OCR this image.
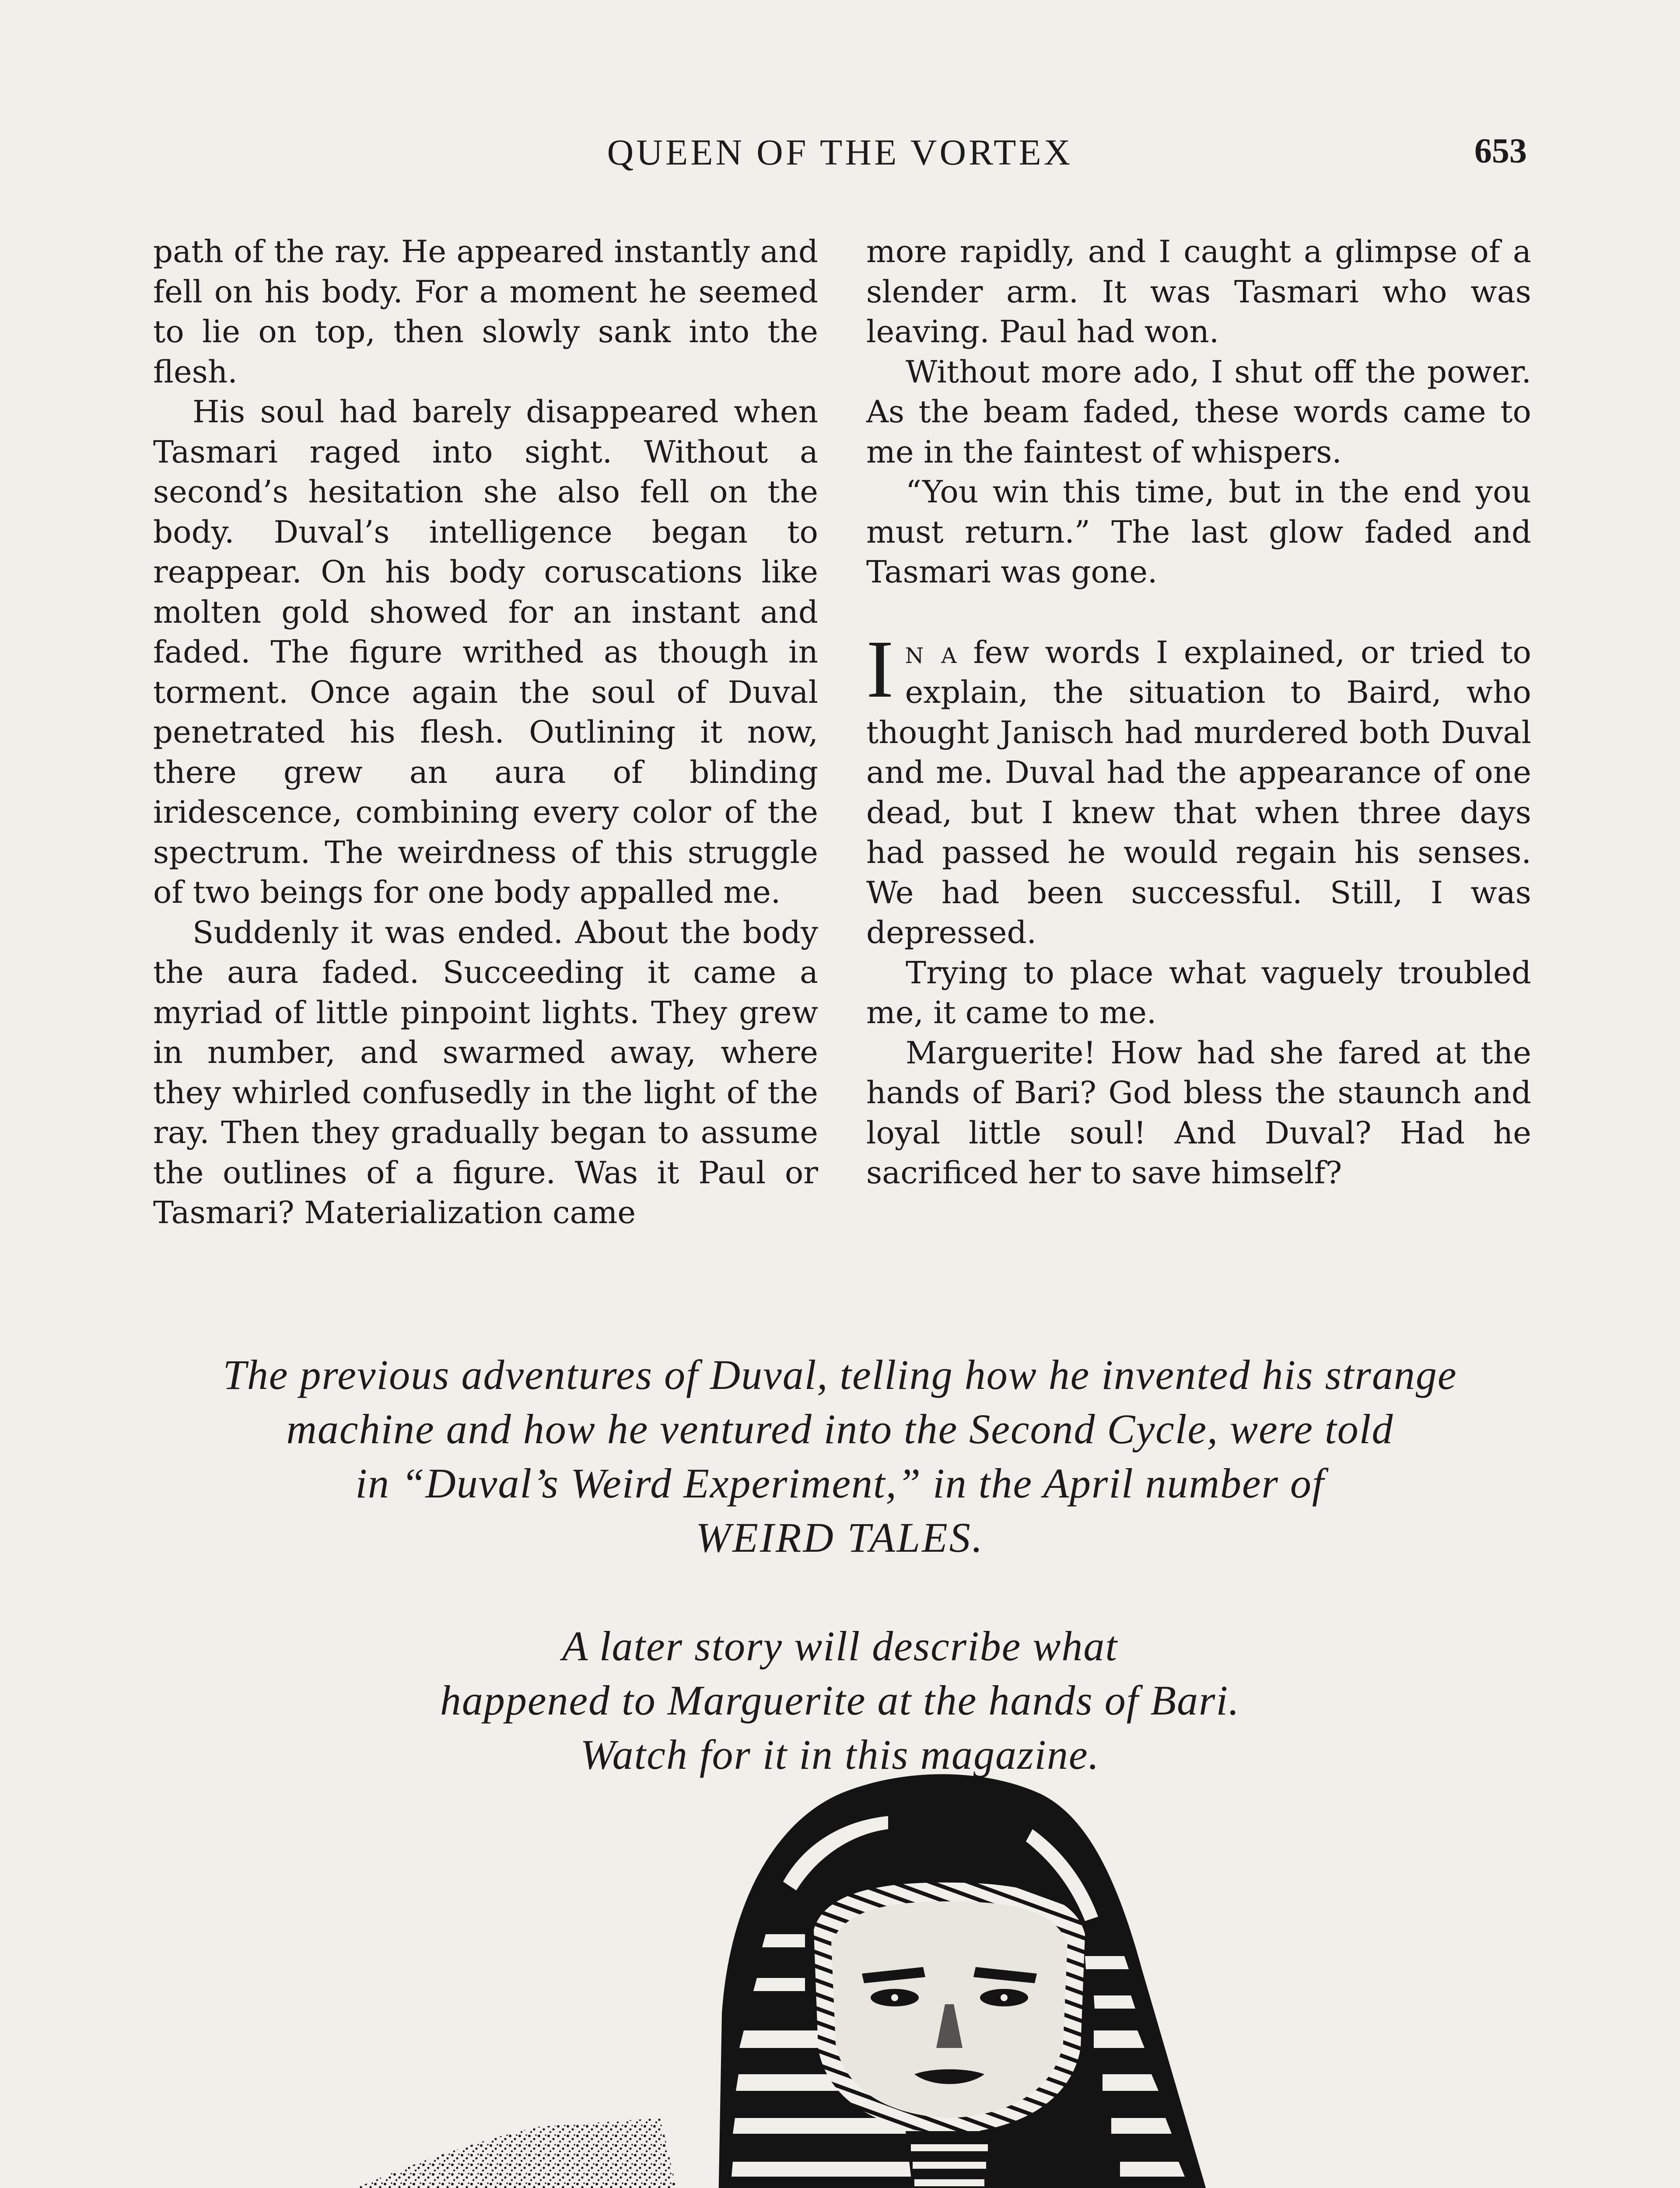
QUEEN OF THE VORTEX	653

path of the ray. He appeared instantly and fell on his body. For a moment he seemed to lie on top, then slowly sank into the flesh.

His soul had barely disappeared when Tasmari raged into sight. Without a second’s hesitation she also fell on the body. Duval’s intelligence began to reappear. On his body coruscations like molten gold showed for an instant and faded. The figure writhed as though in torment. Once again the soul of Duval penetrated his flesh. Outlining it now, there grew an aura of blinding iridescence, combining every color of the spectrum. The weirdness of this struggle of two beings for one body appalled me.

Suddenly it was ended. About the body the aura faded. Succeeding it came a myriad of little pinpoint lights. They grew in number, and swarmed away, where they whirled confusedly in the light of the ray. Then they gradually began to assume the outlines of a figure. Was it Paul or Tasmari? Materialization came

more rapidly, and I caught a glimpse of a slender arm. It was Tasmari who was leaving. Paul had won.

Without more ado, I shut off the power. As the beam faded, these words came to me in the faintest of whispers.

“You win this time, but in the end you must return.” The last glow faded and Tasmari was gone.

In a few words I explained, or tried to explain, the situation to Baird, who thought Janisch had murdered both Duval and me. Duval had the appearance of one dead, but I knew that when three days had passed he would regain his senses. We had been successful. Still, I was depressed.

Trying to place what vaguely troubled me, it came to me.

Marguerite! How had she fared at the hands of Bari? God bless the staunch and loyal little soul! And Duval? Had he sacrificed her to save himself?

The previous adventures of Duval, telling how he invented his strange
machine and how he ventured into the Second Cycle, were told
in “Duval’s Weird Experiment,” in the April number of
WEIRD TALES.

A later story will describe what
happened to Marguerite at the hands of Bari.
Watch for it in this magazine.
